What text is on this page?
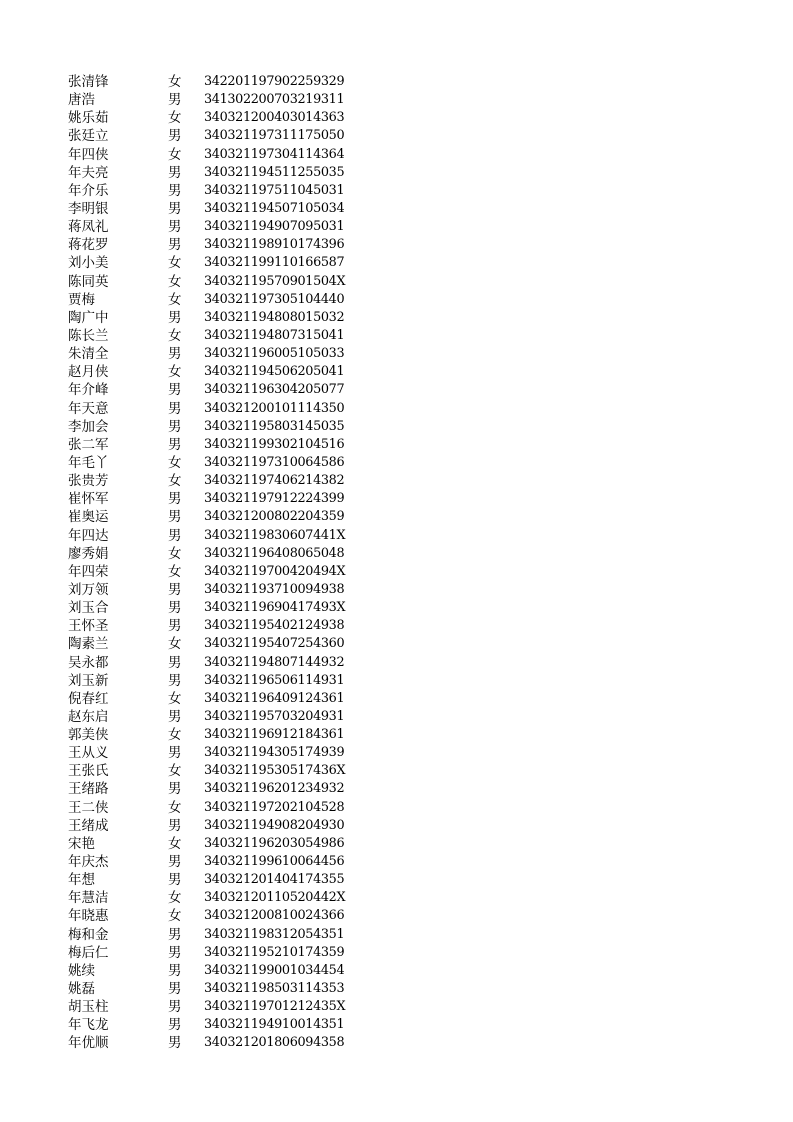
张清锋	女 342201197902259329
唐浩	男 341302200703219311
姚乐茹	女 340321200403014363
张廷立	男 340321197311175050
年四侠	女 340321197304114364
年夫亮	男 340321194511255035
年介乐	男 340321197511045031
李明银	男 340321194507105034
蒋凤礼	男 340321194907095031
蒋花罗	男 340321198910174396
刘小美	女 340321199110166587
陈同英	女 34032119570901504X
贾梅	女 340321197305104440
陶广中	男 340321194808015032
陈长兰	女 340321194807315041
朱清全	男 340321196005105033
赵月侠	女 340321194506205041
年介峰	男 340321196304205077
年天意	男 340321200101114350
李加会	男 340321195803145035
张二军	男 340321199302104516
年毛丫	女 340321197310064586
张贵芳	女 340321197406214382
崔怀军	男 340321197912224399
崔奥运	男 340321200802204359
年四达	男 34032119830607441X
廖秀娟	女 340321196408065048
年四荣	女 34032119700420494X
刘万领	男 340321193710094938
刘玉合	男 34032119690417493X
王怀圣	男 340321195402124938
陶素兰	女 340321195407254360
吴永都	男 340321194807144932
刘玉新	男 340321196506114931
倪春红	女 340321196409124361
赵东启	男 340321195703204931
郭美侠	女 340321196912184361
王从义	男 340321194305174939
王张氏	女 34032119530517436X
王绪路	男 340321196201234932
王二侠	女 340321197202104528
王绪成	男 340321194908204930
宋艳	女 340321196203054986
年庆杰	男 340321199610064456
年想	男 340321201404174355
年慧洁	女 34032120110520442X
年晓惠	女 340321200810024366
梅和金	男 340321198312054351
梅后仁	男 340321195210174359
姚续	男 340321199001034454
姚磊	男 340321198503114353
胡玉柱	男 34032119701212435X
年飞龙	男 340321194910014351
年优顺	男 340321201806094358
